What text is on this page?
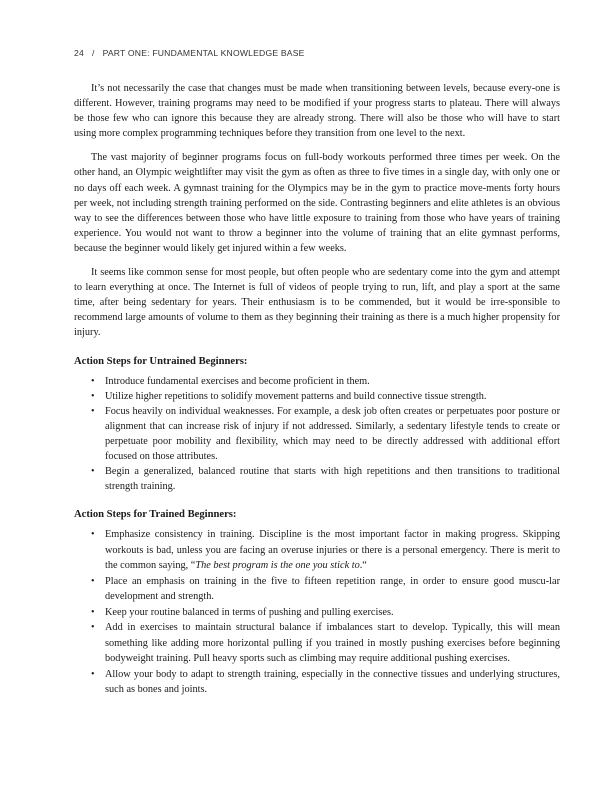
24 / PART ONE: FUNDAMENTAL KNOWLEDGE BASE

It’s not necessarily the case that changes must be made when transitioning between levels, because every-one is different. However, training programs may need to be modified if your progress starts to plateau. There will always be those few who can ignore this because they are already strong. There will also be those who will have to start using more complex programming techniques before they transition from one level to the next.

The vast majority of beginner programs focus on full-body workouts performed three times per week. On the other hand, an Olympic weightlifter may visit the gym as often as three to five times in a single day, with only one or no days off each week. A gymnast training for the Olympics may be in the gym to practice move-ments forty hours per week, not including strength training performed on the side. Contrasting beginners and elite athletes is an obvious way to see the differences between those who have little exposure to training from those who have years of training experience. You would not want to throw a beginner into the volume of training that an elite gymnast performs, because the beginner would likely get injured within a few weeks.

It seems like common sense for most people, but often people who are sedentary come into the gym and attempt to learn everything at once. The Internet is full of videos of people trying to run, lift, and play a sport at the same time, after being sedentary for years. Their enthusiasm is to be commended, but it would be irre-sponsible to recommend large amounts of volume to them as they beginning their training as there is a much higher propensity for injury.

Action Steps for Untrained Beginners:
• Introduce fundamental exercises and become proficient in them.
• Utilize higher repetitions to solidify movement patterns and build connective tissue strength.
• Focus heavily on individual weaknesses. For example, a desk job often creates or perpetuates poor posture or alignment that can increase risk of injury if not addressed. Similarly, a sedentary lifestyle tends to create or perpetuate poor mobility and flexibility, which may need to be directly addressed with additional effort focused on those attributes.
• Begin a generalized, balanced routine that starts with high repetitions and then transitions to traditional strength training.
Action Steps for Trained Beginners:
• Emphasize consistency in training. Discipline is the most important factor in making progress. Skipping workouts is bad, unless you are facing an overuse injuries or there is a personal emergency. There is merit to the common saying, “The best program is the one you stick to.“
• Place an emphasis on training in the five to fifteen repetition range, in order to ensure good muscu-lar development and strength.
• Keep your routine balanced in terms of pushing and pulling exercises.
• Add in exercises to maintain structural balance if imbalances start to develop. Typically, this will mean something like adding more horizontal pulling if you trained in mostly pushing exercises before beginning bodyweight training. Pull heavy sports such as climbing may require additional pushing exercises.
• Allow your body to adapt to strength training, especially in the connective tissues and underlying structures, such as bones and joints.
